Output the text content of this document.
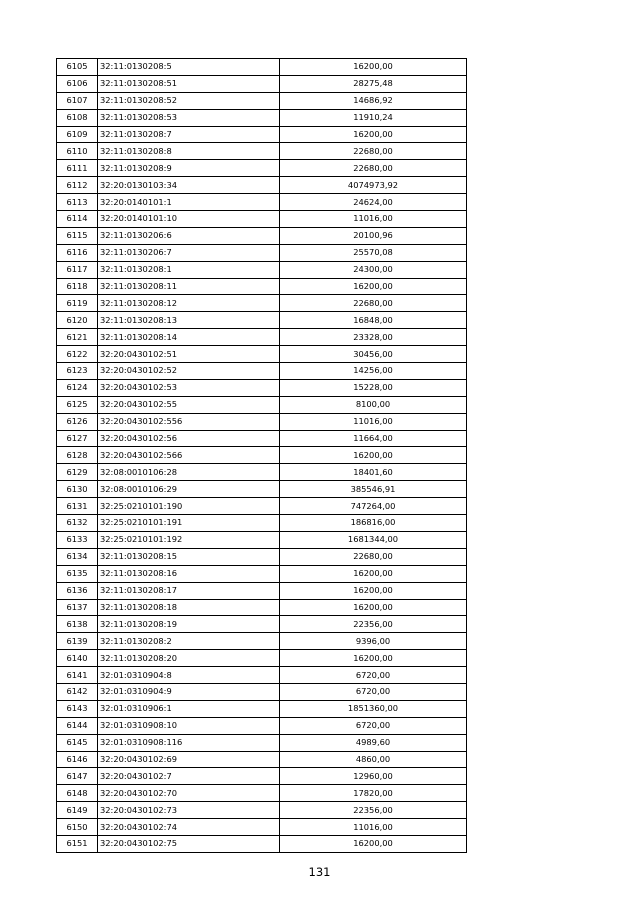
6105	32:11:0130208:5	16200,00
6106	32:11:0130208:51	28275,48
6107	32:11:0130208:52	14686,92
6108	32:11:0130208:53	11910,24
6109	32:11:0130208:7	16200,00
6110	32:11:0130208:8	22680,00
6111	32:11:0130208:9	22680,00
6112	32:20:0130103:34	4074973,92
6113	32:20:0140101:1	24624,00
6114	32:20:0140101:10	11016,00
6115	32:11:0130206:6	20100,96
6116	32:11:0130206:7	25570,08
6117	32:11:0130208:1	24300,00
6118	32:11:0130208:11	16200,00
6119	32:11:0130208:12	22680,00
6120	32:11:0130208:13	16848,00
6121	32:11:0130208:14	23328,00
6122	32:20:0430102:51	30456,00
6123	32:20:0430102:52	14256,00
6124	32:20:0430102:53	15228,00
6125	32:20:0430102:55	8100,00
6126	32:20:0430102:556	11016,00
6127	32:20:0430102:56	11664,00
6128	32:20:0430102:566	16200,00
6129	32:08:0010106:28	18401,60
6130	32:08:0010106:29	385546,91
6131	32:25:0210101:190	747264,00
6132	32:25:0210101:191	186816,00
6133	32:25:0210101:192	1681344,00
6134	32:11:0130208:15	22680,00
6135	32:11:0130208:16	16200,00
6136	32:11:0130208:17	16200,00
6137	32:11:0130208:18	16200,00
6138	32:11:0130208:19	22356,00
6139	32:11:0130208:2	9396,00
6140	32:11:0130208:20	16200,00
6141	32:01:0310904:8	6720,00
6142	32:01:0310904:9	6720,00
6143	32:01:0310906:1	1851360,00
6144	32:01:0310908:10	6720,00
6145	32:01:0310908:116	4989,60
6146	32:20:0430102:69	4860,00
6147	32:20:0430102:7	12960,00
6148	32:20:0430102:70	17820,00
6149	32:20:0430102:73	22356,00
6150	32:20:0430102:74	11016,00
6151	32:20:0430102:75	16200,00
131
